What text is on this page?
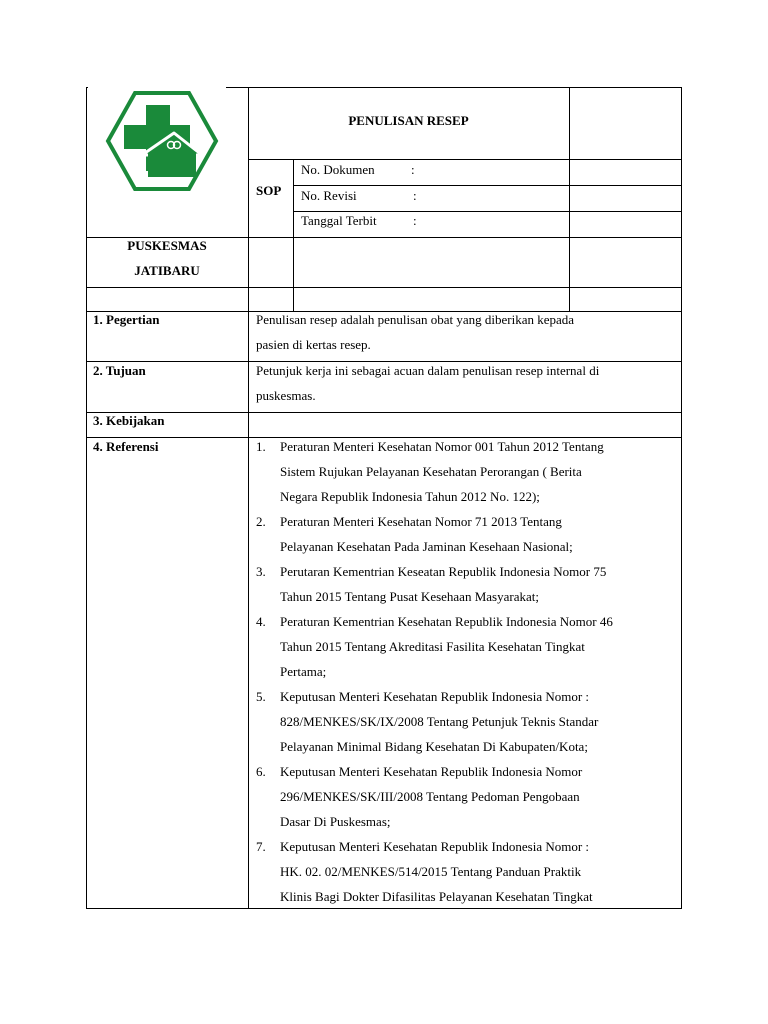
PENULISAN RESEP
SOP
No. Dokumen	:
No. Revisi	:
Tanggal Terbit	:
PUSKESMAS
JATIBARU
1. Pegertian	Penulisan resep adalah penulisan obat yang diberikan kepada
pasien di kertas resep.
2. Tujuan	Petunjuk kerja ini sebagai acuan dalam penulisan resep internal di
puskesmas.
3. Kebijakan
4. Referensi	1. Peraturan Menteri Kesehatan Nomor 001 Tahun 2012 Tentang
Sistem Rujukan Pelayanan Kesehatan Perorangan ( Berita
Negara Republik Indonesia Tahun 2012 No. 122);
2. Peraturan Menteri Kesehatan Nomor 71 2013 Tentang
Pelayanan Kesehatan Pada Jaminan Kesehaan Nasional;
3. Perutaran Kementrian Keseatan Republik Indonesia Nomor 75
Tahun 2015 Tentang Pusat Kesehaan Masyarakat;
4. Peraturan Kementrian Kesehatan Republik Indonesia Nomor 46
Tahun 2015 Tentang Akreditasi Fasilita Kesehatan Tingkat
Pertama;
5. Keputusan Menteri Kesehatan Republik Indonesia Nomor :
828/MENKES/SK/IX/2008 Tentang Petunjuk Teknis Standar
Pelayanan Minimal Bidang Kesehatan Di Kabupaten/Kota;
6. Keputusan Menteri Kesehatan Republik Indonesia Nomor
296/MENKES/SK/III/2008 Tentang Pedoman Pengobaan
Dasar Di Puskesmas;
7. Keputusan Menteri Kesehatan Republik Indonesia Nomor :
HK. 02. 02/MENKES/514/2015 Tentang Panduan Praktik
Klinis Bagi Dokter Difasilitas Pelayanan Kesehatan Tingkat
